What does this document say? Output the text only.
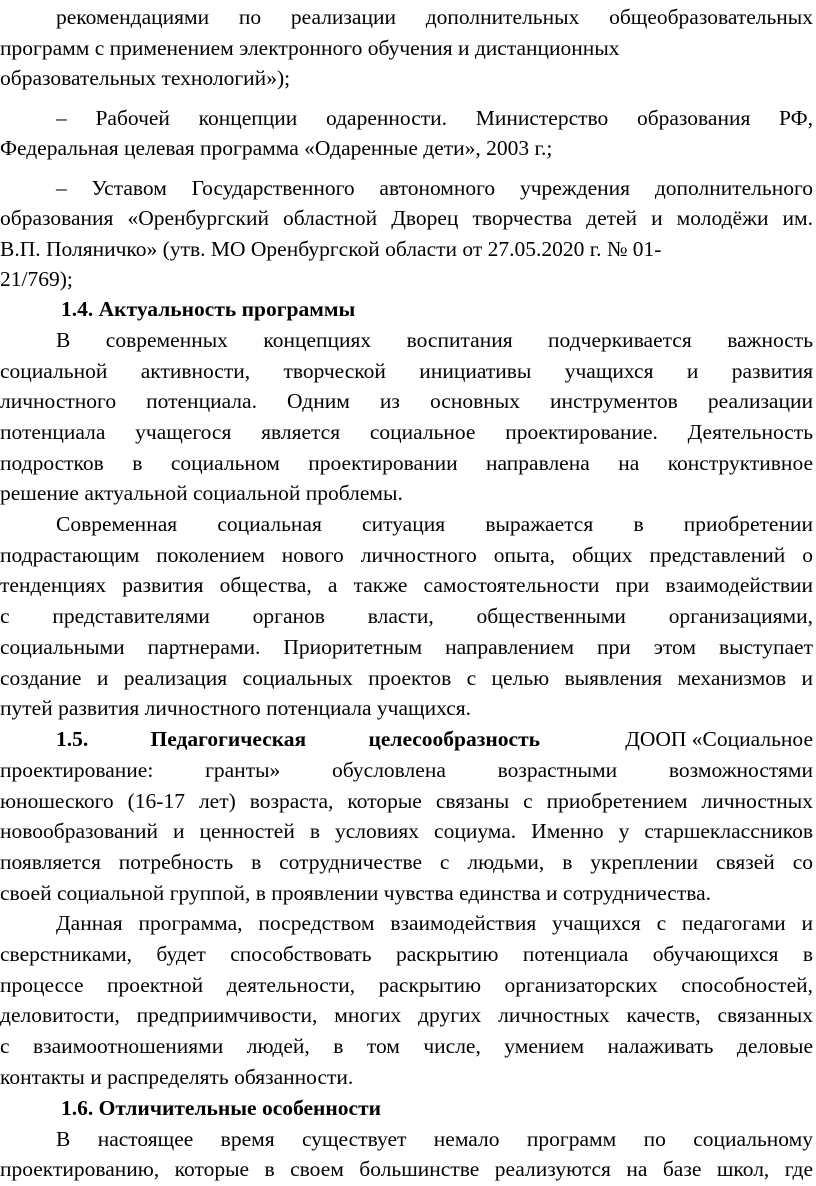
рекомендациями по реализации дополнительных общеобразовательных
программ с применением электронного обучения и дистанционных
образовательных технологий»);
– Рабочей концепции одаренности. Министерство образования РФ,
Федеральная целевая программа «Одаренные дети», 2003 г.;
– Уставом Государственного автономного учреждения дополнительного
образования «Оренбургский областной Дворец творчества детей и молодёжи им.
В.П. Поляничко» (утв. МО Оренбургской области от 27.05.2020 г. № 01-
21/769);
1.4. Актуальность программы
В современных концепциях воспитания подчеркивается важность
социальной активности, творческой инициативы учащихся и развития
личностного потенциала. Одним из основных инструментов реализации
потенциала учащегося является социальное проектирование. Деятельность
подростков в социальном проектировании направлена на конструктивное
решение актуальной социальной проблемы.
Современная социальная ситуация выражается в приобретении
подрастающим поколением нового личностного опыта, общих представлений о
тенденциях развития общества, а также самостоятельности при взаимодействии
с представителями органов власти, общественными организациями,
социальными партнерами. Приоритетным направлением при этом выступает
создание и реализация социальных проектов с целью выявления механизмов и
путей развития личностного потенциала учащихся.
1.5. Педагогическая целесообразность	ДООП «Социальное
проектирование: гранты» обусловлена возрастными возможностями
юношеского (16-17 лет) возраста, которые связаны с приобретением личностных
новообразований и ценностей в условиях социума. Именно у старшеклассников
появляется потребность в сотрудничестве с людьми, в укреплении связей со
своей социальной группой, в проявлении чувства единства и сотрудничества.
Данная программа, посредством взаимодействия учащихся с педагогами и
сверстниками, будет способствовать раскрытию потенциала обучающихся в
процессе проектной деятельности, раскрытию организаторских способностей,
деловитости, предприимчивости, многих других личностных качеств, связанных
с взаимоотношениями людей, в том числе, умением налаживать деловые
контакты и распределять обязанности.
1.6. Отличительные особенности
В настоящее время существует немало программ по социальному
проектированию, которые в своем большинстве реализуются на базе школ, где
